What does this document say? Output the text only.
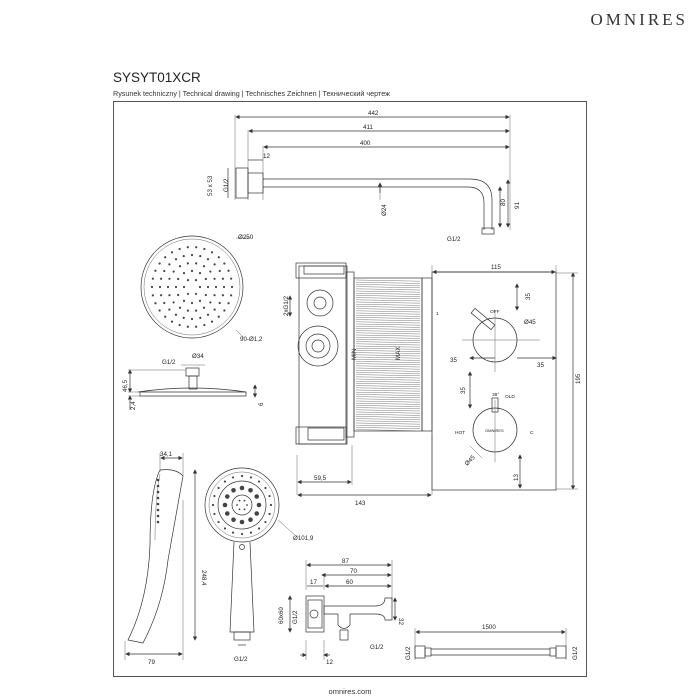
OMNIRES
SYSYT01XCR
Rysunek techniczny | Technical drawing | Technisches Zeichnen | Технический чертеж
omnires.com
442
411
400
12
53 x 53 G1/2
Ø24
80 91
G1/2
Ø250
90-Ø1,2
G1/2
Ø34
46,5
2,4	6
2xG1/2
MIN	MAX
59,5
143
115
35
Ø45
35
35
195
35
Ø45
13
1	OFF
38° OLD
HOT	C
OMNIRES
34,1
248,4
79
Ø101,9
G1/2
87
70
17	60
60x60 G1/2	32
G1/2
12
1500
G1/2	G1/2
